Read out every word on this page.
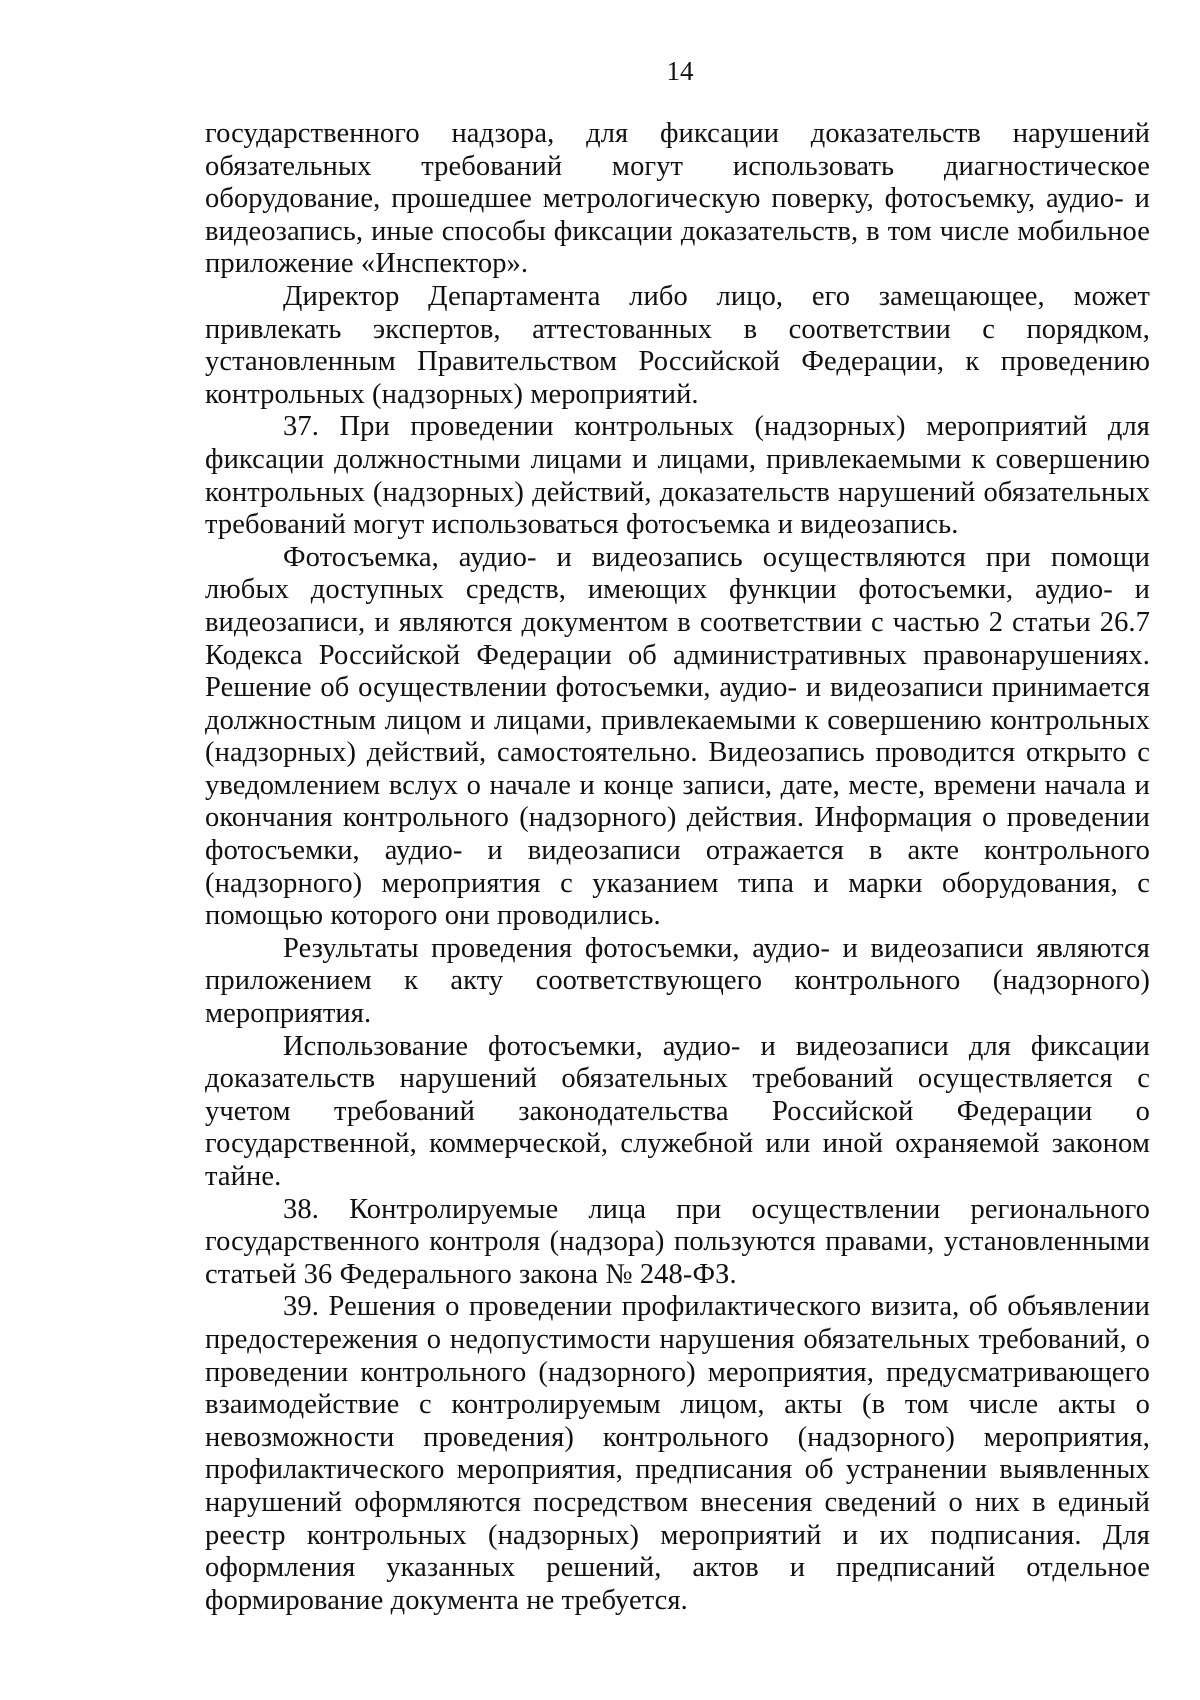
14

государственного надзора, для фиксации доказательств нарушений обязательных требований могут использовать диагностическое оборудование, прошедшее метрологическую поверку, фотосъемку, аудио- и видеозапись, иные способы фиксации доказательств, в том числе мобильное приложение «Инспектор».

Директор Департамента либо лицо, его замещающее, может привлекать экспертов, аттестованных в соответствии с порядком, установленным Правительством Российской Федерации, к проведению контрольных (надзорных) мероприятий.

37. При проведении контрольных (надзорных) мероприятий для фиксации должностными лицами и лицами, привлекаемыми к совершению контрольных (надзорных) действий, доказательств нарушений обязательных требований могут использоваться фотосъемка и видеозапись.

Фотосъемка, аудио- и видеозапись осуществляются при помощи любых доступных средств, имеющих функции фотосъемки, аудио- и видеозаписи, и являются документом в соответствии с частью 2 статьи 26.7 Кодекса Российской Федерации об административных правонарушениях. Решение об осуществлении фотосъемки, аудио- и видеозаписи принимается должностным лицом и лицами, привлекаемыми к совершению контрольных (надзорных) действий, самостоятельно. Видеозапись проводится открыто с уведомлением вслух о начале и конце записи, дате, месте, времени начала и окончания контрольного (надзорного) действия. Информация о проведении фотосъемки, аудио- и видеозаписи отражается в акте контрольного (надзорного) мероприятия с указанием типа и марки оборудования, с помощью которого они проводились.

Результаты проведения фотосъемки, аудио- и видеозаписи являются приложением к акту соответствующего контрольного (надзорного) мероприятия.

Использование фотосъемки, аудио- и видеозаписи для фиксации доказательств нарушений обязательных требований осуществляется с учетом требований законодательства Российской Федерации о государственной, коммерческой, служебной или иной охраняемой законом тайне.

38. Контролируемые лица при осуществлении регионального государственного контроля (надзора) пользуются правами, установленными статьей 36 Федерального закона № 248-ФЗ.

39. Решения о проведении профилактического визита, об объявлении предостережения о недопустимости нарушения обязательных требований, о проведении контрольного (надзорного) мероприятия, предусматривающего взаимодействие с контролируемым лицом, акты (в том числе акты о невозможности проведения) контрольного (надзорного) мероприятия, профилактического мероприятия, предписания об устранении выявленных нарушений оформляются посредством внесения сведений о них в единый реестр контрольных (надзорных) мероприятий и их подписания. Для оформления указанных решений, актов и предписаний отдельное формирование документа не требуется.
